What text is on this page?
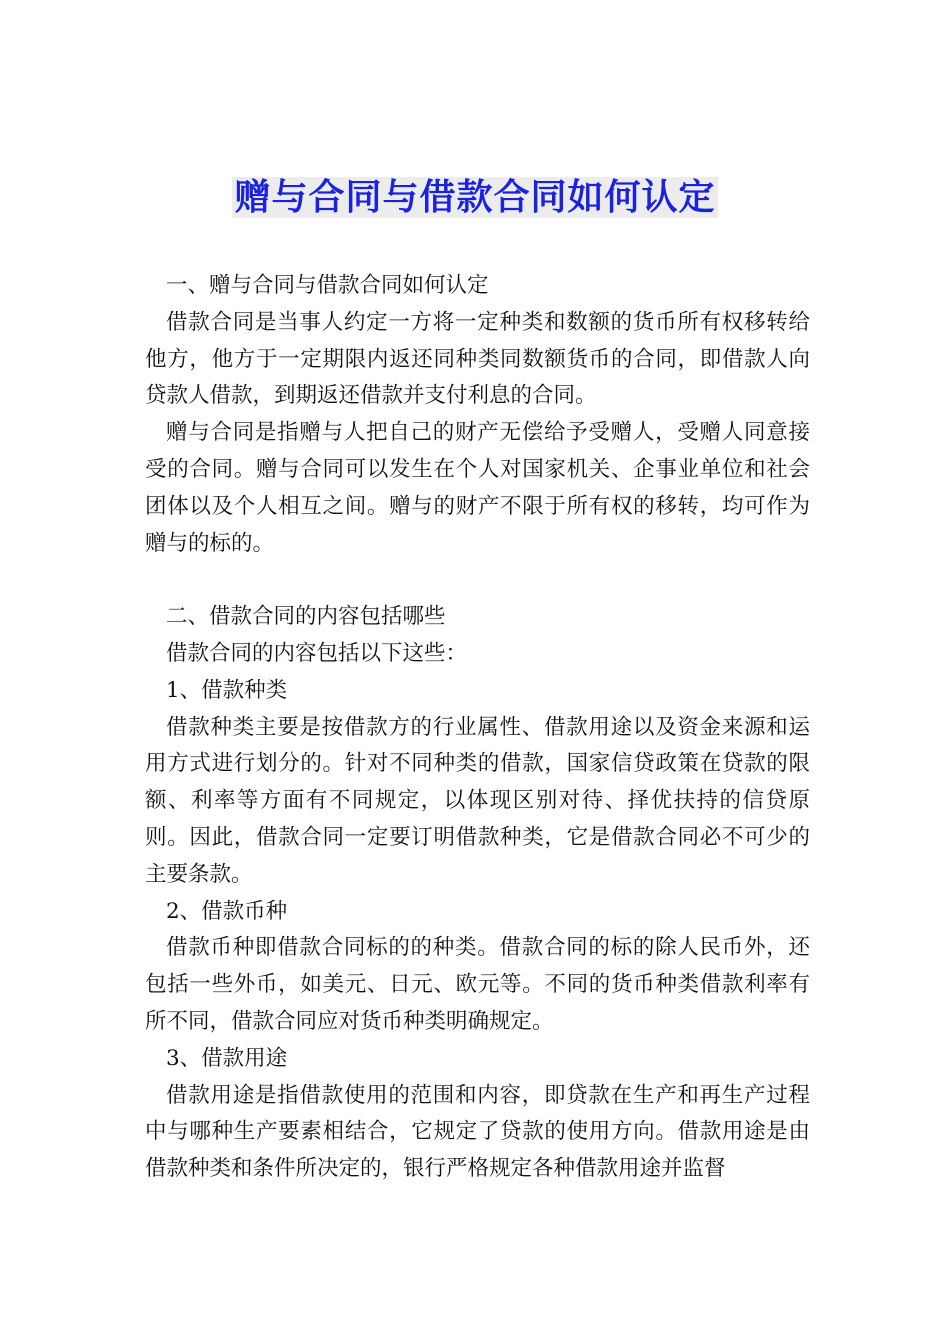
赠与合同与借款合同如何认定

一、赠与合同与借款合同如何认定

借款合同是当事人约定一方将一定种类和数额的货币所有权移转给他方，他方于一定期限内返还同种类同数额货币的合同，即借款人向贷款人借款，到期返还借款并支付利息的合同。

赠与合同是指赠与人把自己的财产无偿给予受赠人，受赠人同意接受的合同。赠与合同可以发生在个人对国家机关、企事业单位和社会团体以及个人相互之间。赠与的财产不限于所有权的移转，均可作为赠与的标的。

二、借款合同的内容包括哪些

借款合同的内容包括以下这些：

1、借款种类

借款种类主要是按借款方的行业属性、借款用途以及资金来源和运用方式进行划分的。针对不同种类的借款，国家信贷政策在贷款的限额、利率等方面有不同规定，以体现区别对待、择优扶持的信贷原则。因此，借款合同一定要订明借款种类，它是借款合同必不可少的主要条款。

2、借款币种

借款币种即借款合同标的的种类。借款合同的标的除人民币外，还包括一些外币，如美元、日元、欧元等。不同的货币种类借款利率有所不同，借款合同应对货币种类明确规定。

3、借款用途

借款用途是指借款使用的范围和内容，即贷款在生产和再生产过程中与哪种生产要素相结合，它规定了贷款的使用方向。借款用途是由借款种类和条件所决定的，银行严格规定各种借款用途并监督
